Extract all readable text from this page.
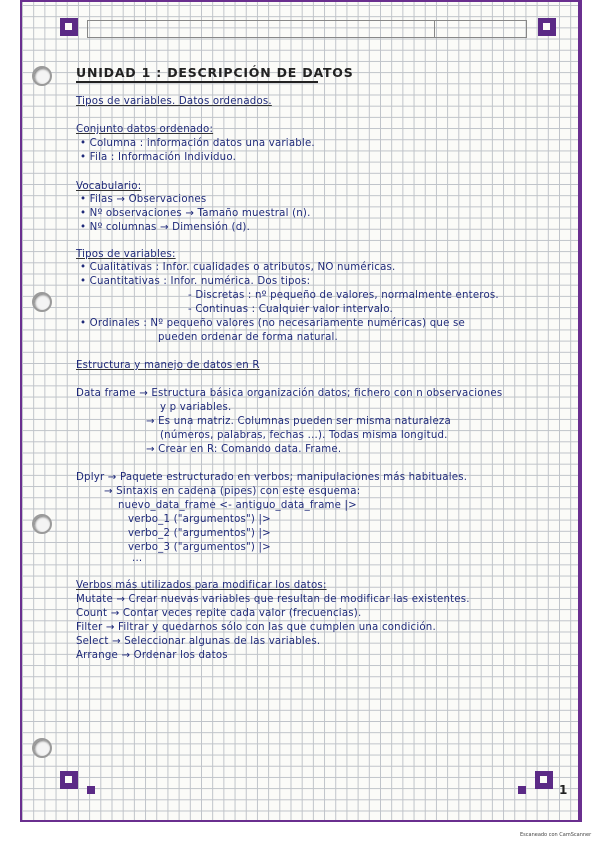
UNIDAD 1 : DESCRIPCIÓN DE DATOS
Tipos de variables. Datos ordenados.
Conjunto datos ordenado:
• Columna : información datos una variable.
• Fila : Información Individuo.
Vocabulario:
• Filas → Observaciones
• Nº observaciones → Tamaño muestral (n).
• Nº columnas → Dimensión (d).
Tipos de variables:
• Cualitativas : Infor. cualidades o atributos, NO numéricas.
• Cuantitativas : Infor. numérica. Dos tipos:
- Discretas : nº pequeño de valores, normalmente enteros.
- Continuas : Cualquier valor intervalo.
• Ordinales : Nº pequeño valores (no necesariamente numéricas) que se
pueden ordenar de forma natural.
Estructura y manejo de datos en R
Data frame → Estructura básica organización datos; fichero con n observaciones
y p variables.
→ Es una matriz. Columnas pueden ser misma naturaleza
(números, palabras, fechas ...). Todas misma longitud.
→ Crear en R: Comando data. Frame.
Dplyr → Paquete estructurado en verbos; manipulaciones más habituales.
→ Sintaxis en cadena (pipes) con este esquema:
nuevo_data_frame <- antiguo_data_frame |>
verbo_1 ("argumentos") |>
verbo_2 ("argumentos") |>
verbo_3 ("argumentos") |>
...
Verbos más utilizados para modificar los datos:
Mutate → Crear nuevas variables que resultan de modificar las existentes.
Count → Contar veces repite cada valor (frecuencias).
Filter → Filtrar y quedarnos sólo con las que cumplen una condición.
Select → Seleccionar algunas de las variables.
Arrange → Ordenar los datos
1
Escaneado con CamScanner
